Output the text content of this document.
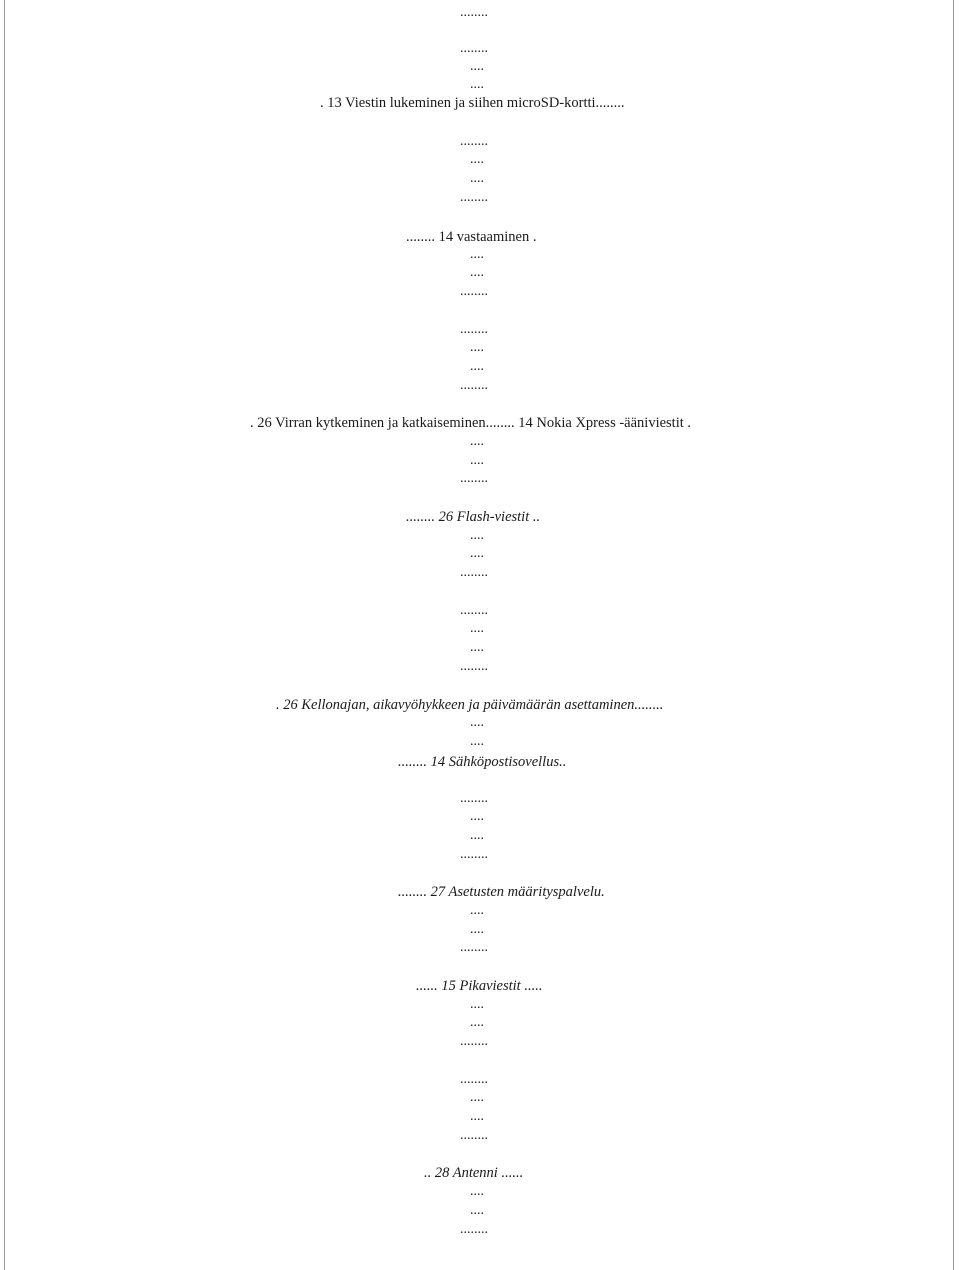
........
........
....
....
. 13 Viestin lukeminen ja siihen microSD-kortti........
........
....
....
........
........ 14 vastaaminen .
....
....
........
........
....
....
........
. 26 Virran kytkeminen ja katkaiseminen........ 14 Nokia Xpress -ääniviestit .
....
....
........
........ 26 Flash-viestit ..
....
....
........
........
....
....
........
. 26 Kellonajan, aikavyöhykkeen ja päivämäärän asettaminen........
....
....
........ 14 Sähköpostisovellus..
........
....
....
........
........ 27 Asetusten määrityspalvelu.
....
....
........
...... 15 Pikaviestit .....
....
....
........
........
....
....
........
.. 28 Antenni ......
....
....
........
